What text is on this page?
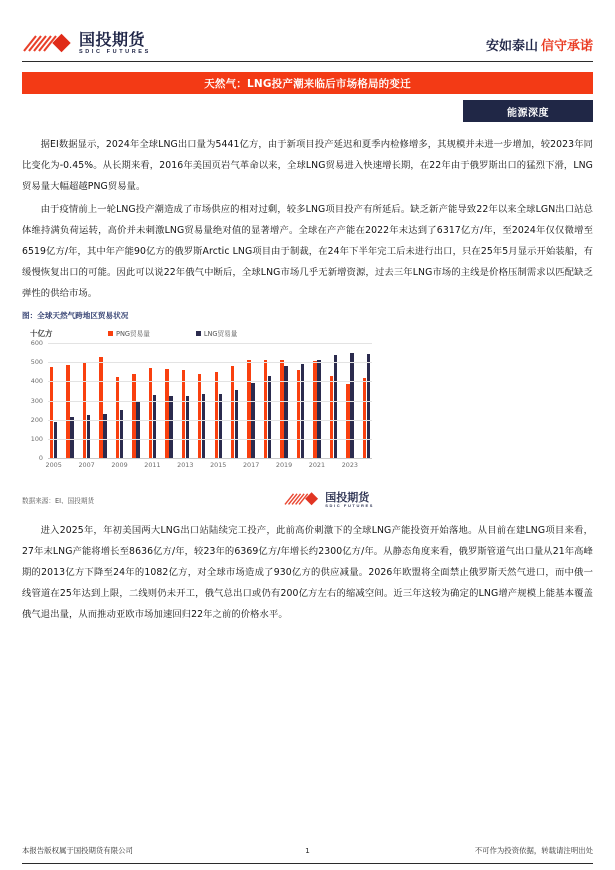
国投期货
SDIC FUTURES	安如泰山 信守承诺
天然气：LNG投产潮来临后市场格局的变迁
能源深度

据EI数据显示，2024年全球LNG出口量为5441亿方，由于新项目投产延迟和夏季内检修增多，其规模并未进一步增加，较2023年同比变化为-0.45%。从长期来看，2016年美国页岩气革命以来，全球LNG贸易进入快速增长期，在22年由于俄罗斯出口的猛烈下滑，LNG贸易量大幅超越PNG贸易量。

由于疫情前上一轮LNG投产潮造成了市场供应的相对过剩，较多LNG项目投产有所延后。缺乏新产能导致22年以来全球LGN出口站总体维持满负荷运转，高价并未刺激LNG贸易量绝对值的显著增产。全球在产产能在2022年末达到了6317亿方/年，至2024年仅仅微增至6519亿方/年，其中年产能90亿方的俄罗斯Arctic LNG项目由于制裁，在24年下半年完工后未进行出口，只在25年5月显示开始装船，有缓慢恢复出口的可能。因此可以说22年俄气中断后，全球LNG市场几乎无新增资源，过去三年LNG市场的主线是价格压制需求以匹配缺乏弹性的供给市场。

图：全球天然气跨地区贸易状况
十亿方	PNG贸易量	LNG贸易量
0
100
200
300
400
500
600
2005	2007	2009	2011	2013	2015	2017	2019	2021	2023
数据来源：EI、国投期货	国投期货
SDIC FUTURES

进入2025年，年初美国两大LNG出口站陆续完工投产，此前高价刺激下的全球LNG产能投资开始落地。从目前在建LNG项目来看，27年末LNG产能将增长至8636亿方/年，较23年的6369亿方/年增长约2300亿方/年。从静态角度来看，俄罗斯管道气出口量从21年高峰期的2013亿方下降至24年的1082亿方，对全球市场造成了930亿方的供应减量。2026年欧盟将全面禁止俄罗斯天然气进口，而中俄一线管道在25年达到上限，二线则仍未开工，俄气总出口或仍有200亿方左右的缩减空间。近三年这较为确定的LNG增产规模上能基本覆盖俄气退出量，从而推动亚欧市场加速回归22年之前的价格水平。

本报告版权属于国投期货有限公司	1	不可作为投资依据，转载请注明出处
